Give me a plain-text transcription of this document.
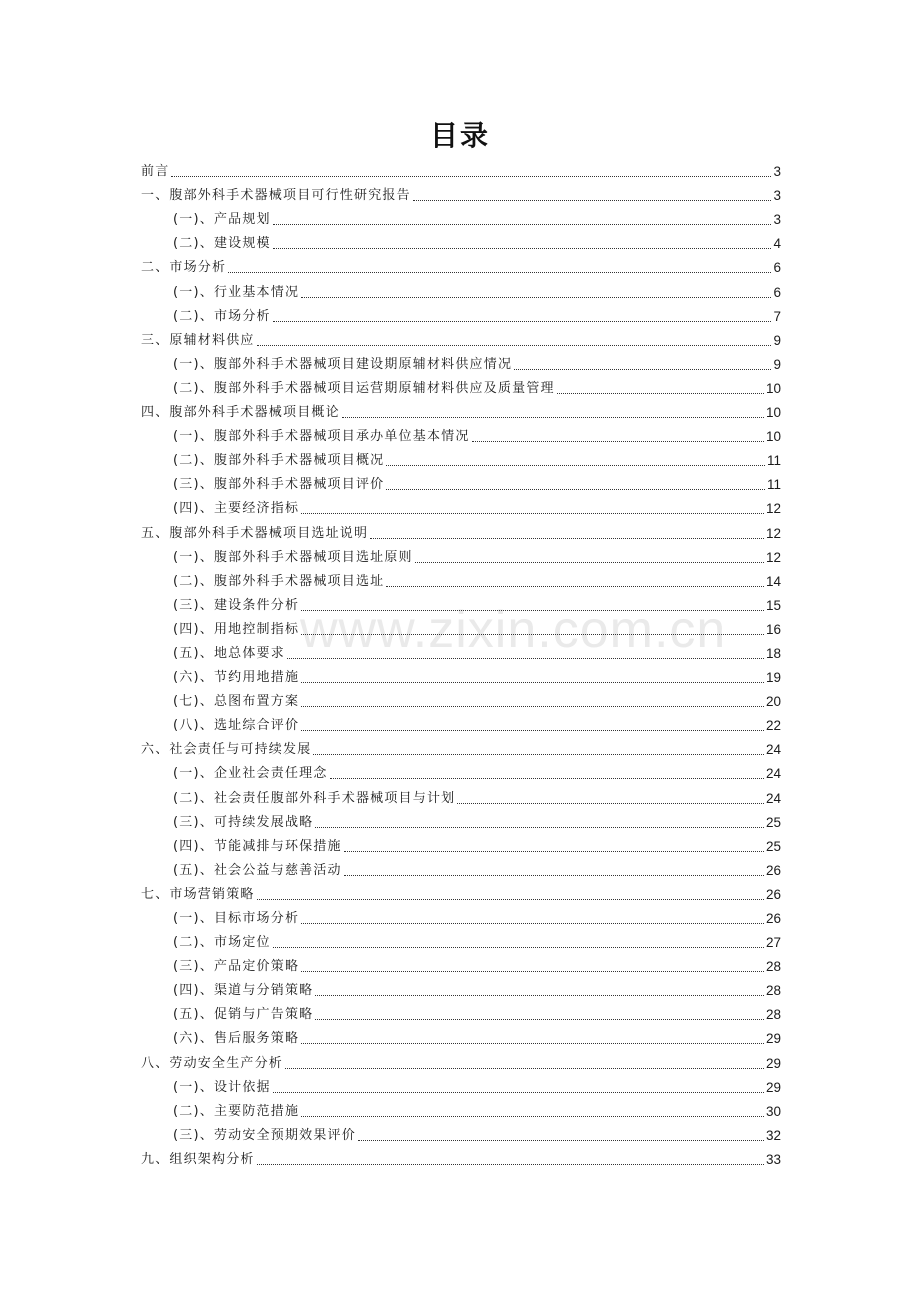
目录
www.zixin.com.cn
前言	3
一、腹部外科手术器械项目可行性研究报告	3
(一)、产品规划	3
(二)、建设规模	4
二、市场分析	6
(一)、行业基本情况	6
(二)、市场分析	7
三、原辅材料供应	9
(一)、腹部外科手术器械项目建设期原辅材料供应情况	9
(二)、腹部外科手术器械项目运营期原辅材料供应及质量管理	10
四、腹部外科手术器械项目概论	10
(一)、腹部外科手术器械项目承办单位基本情况	10
(二)、腹部外科手术器械项目概况	11
(三)、腹部外科手术器械项目评价	11
(四)、主要经济指标	12
五、腹部外科手术器械项目选址说明	12
(一)、腹部外科手术器械项目选址原则	12
(二)、腹部外科手术器械项目选址	14
(三)、建设条件分析	15
(四)、用地控制指标	16
(五)、地总体要求	18
(六)、节约用地措施	19
(七)、总图布置方案	20
(八)、选址综合评价	22
六、社会责任与可持续发展	24
(一)、企业社会责任理念	24
(二)、社会责任腹部外科手术器械项目与计划	24
(三)、可持续发展战略	25
(四)、节能减排与环保措施	25
(五)、社会公益与慈善活动	26
七、市场营销策略	26
(一)、目标市场分析	26
(二)、市场定位	27
(三)、产品定价策略	28
(四)、渠道与分销策略	28
(五)、促销与广告策略	28
(六)、售后服务策略	29
八、劳动安全生产分析	29
(一)、设计依据	29
(二)、主要防范措施	30
(三)、劳动安全预期效果评价	32
九、组织架构分析	33
